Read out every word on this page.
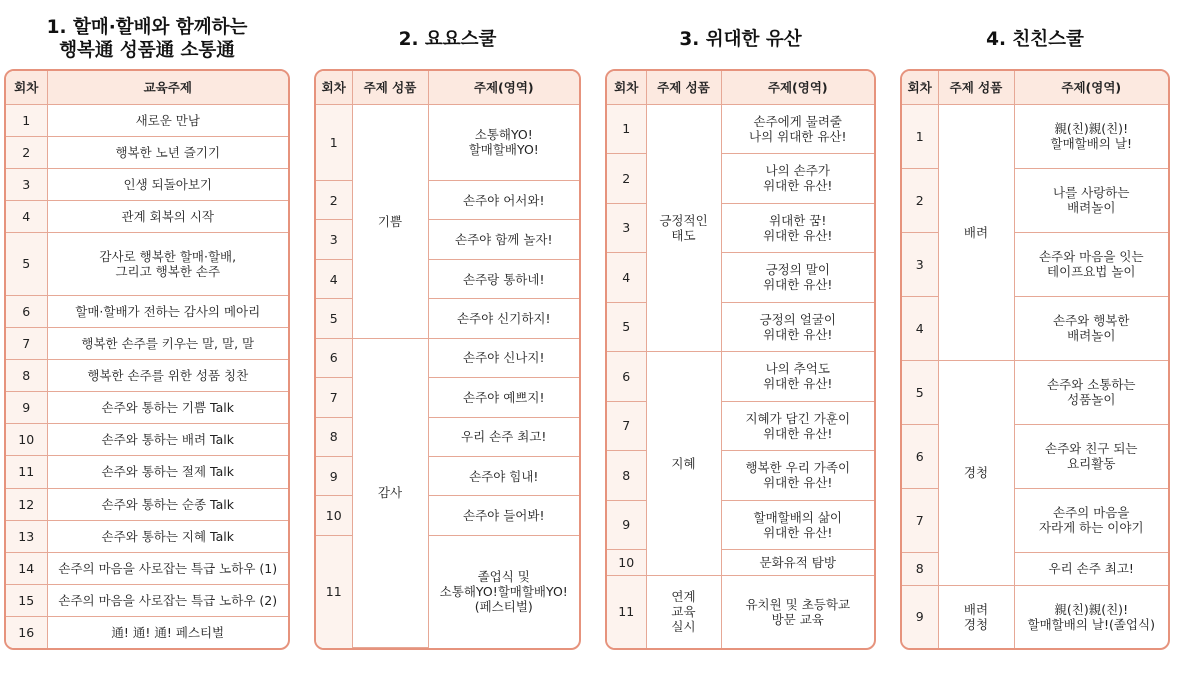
1. 할매·할배와 함께하는
행복通 성품通 소통通
회차	교육주제
1	새로운 만남
2	행복한 노년 즐기기
3	인생 되돌아보기
4	관계 회복의 시작
5	감사로 행복한 할매·할배,
그리고 행복한 손주
6	할매·할배가 전하는 감사의 메아리
7	행복한 손주를 키우는 말, 말, 말
8	행복한 손주를 위한 성품 칭찬
9	손주와 통하는 기쁨 Talk
10	손주와 통하는 배려 Talk
11	손주와 통하는 절제 Talk
12	손주와 통하는 순종 Talk
13	손주와 통하는 지혜 Talk
14	손주의 마음을 사로잡는 특급 노하우 (1)
15	손주의 마음을 사로잡는 특급 노하우 (2)
16	通! 通! 通! 페스티벌
2. 요요스쿨
회차	주제 성품	주제(영역)
1	기쁨	소통해YO!
할매할배YO!
2		손주야 어서와!
3		손주야 함께 놀자!
4		손주랑 통하네!
5		손주야 신기하지!
6	감사	손주야 신나지!
7		손주야 예쁘지!
8		우리 손주 최고!
9		손주야 힘내!
10		손주야 들어봐!
11		졸업식 및
소통해YO!할매할배YO!
(페스티벌)
3. 위대한 유산
회차	주제 성품	주제(영역)
1	긍정적인
태도	손주에게 물려줄
나의 위대한 유산!
2		나의 손주가
위대한 유산!
3		위대한 꿈!
위대한 유산!
4		긍정의 말이
위대한 유산!
5		긍정의 얼굴이
위대한 유산!
6	지혜	나의 추억도
위대한 유산!
7		지혜가 담긴 가훈이
위대한 유산!
8		행복한 우리 가족이
위대한 유산!
9		할매할배의 삶이
위대한 유산!
10		문화유적 탐방
11	연계
교육
실시	유치원 및 초등학교
방문 교육
4. 친친스쿨
회차	주제 성품	주제(영역)
1	배려	親(친)親(친)!
할매할배의 날!
2		나를 사랑하는
배려놀이
3		손주와 마음을 잇는
테이프요법 놀이
4		손주와 행복한
배려놀이
5	경청	손주와 소통하는
성품놀이
6		손주와 친구 되는
요리활동
7		손주의 마음을
자라게 하는 이야기
8		우리 손주 최고!
9	배려
경청	親(친)親(친)!
할매할배의 날!(졸업식)
